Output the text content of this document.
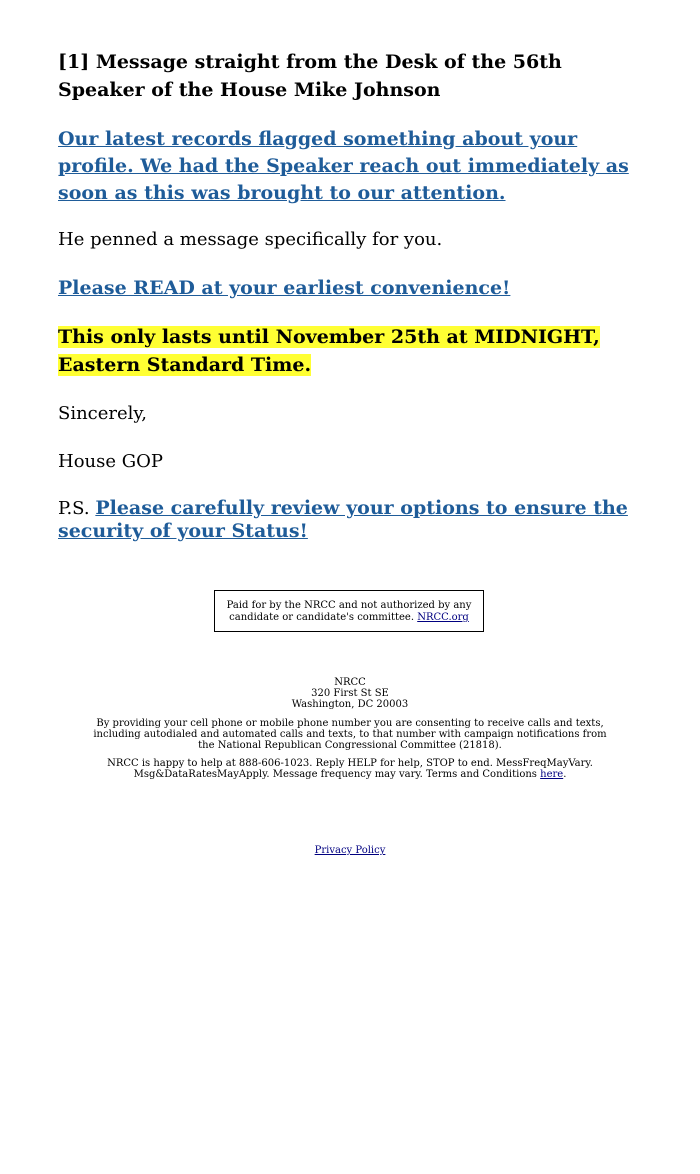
[1] Message straight from the Desk of the 56th Speaker of the House Mike Johnson

Our latest records flagged something about your profile. We had the Speaker reach out immediately as soon as this was brought to our attention.

He penned a message specifically for you.

Please READ at your earliest convenience!

This only lasts until November 25th at MIDNIGHT, Eastern Standard Time.

Sincerely,

House GOP

P.S. Please carefully review your options to ensure the security of your Status!

Paid for by the NRCC and not authorized by any candidate or candidate's committee. NRCC.org
NRCC
320 First St SE
Washington, DC 20003
By providing your cell phone or mobile phone number you are consenting to receive calls and texts, including autodialed and automated calls and texts, to that number with campaign notifications from the National Republican Congressional Committee (21818).
NRCC is happy to help at 888-606-1023. Reply HELP for help, STOP to end. MessFreqMayVary. Msg&DataRatesMayApply. Message frequency may vary. Terms and Conditions here.
Privacy Policy
